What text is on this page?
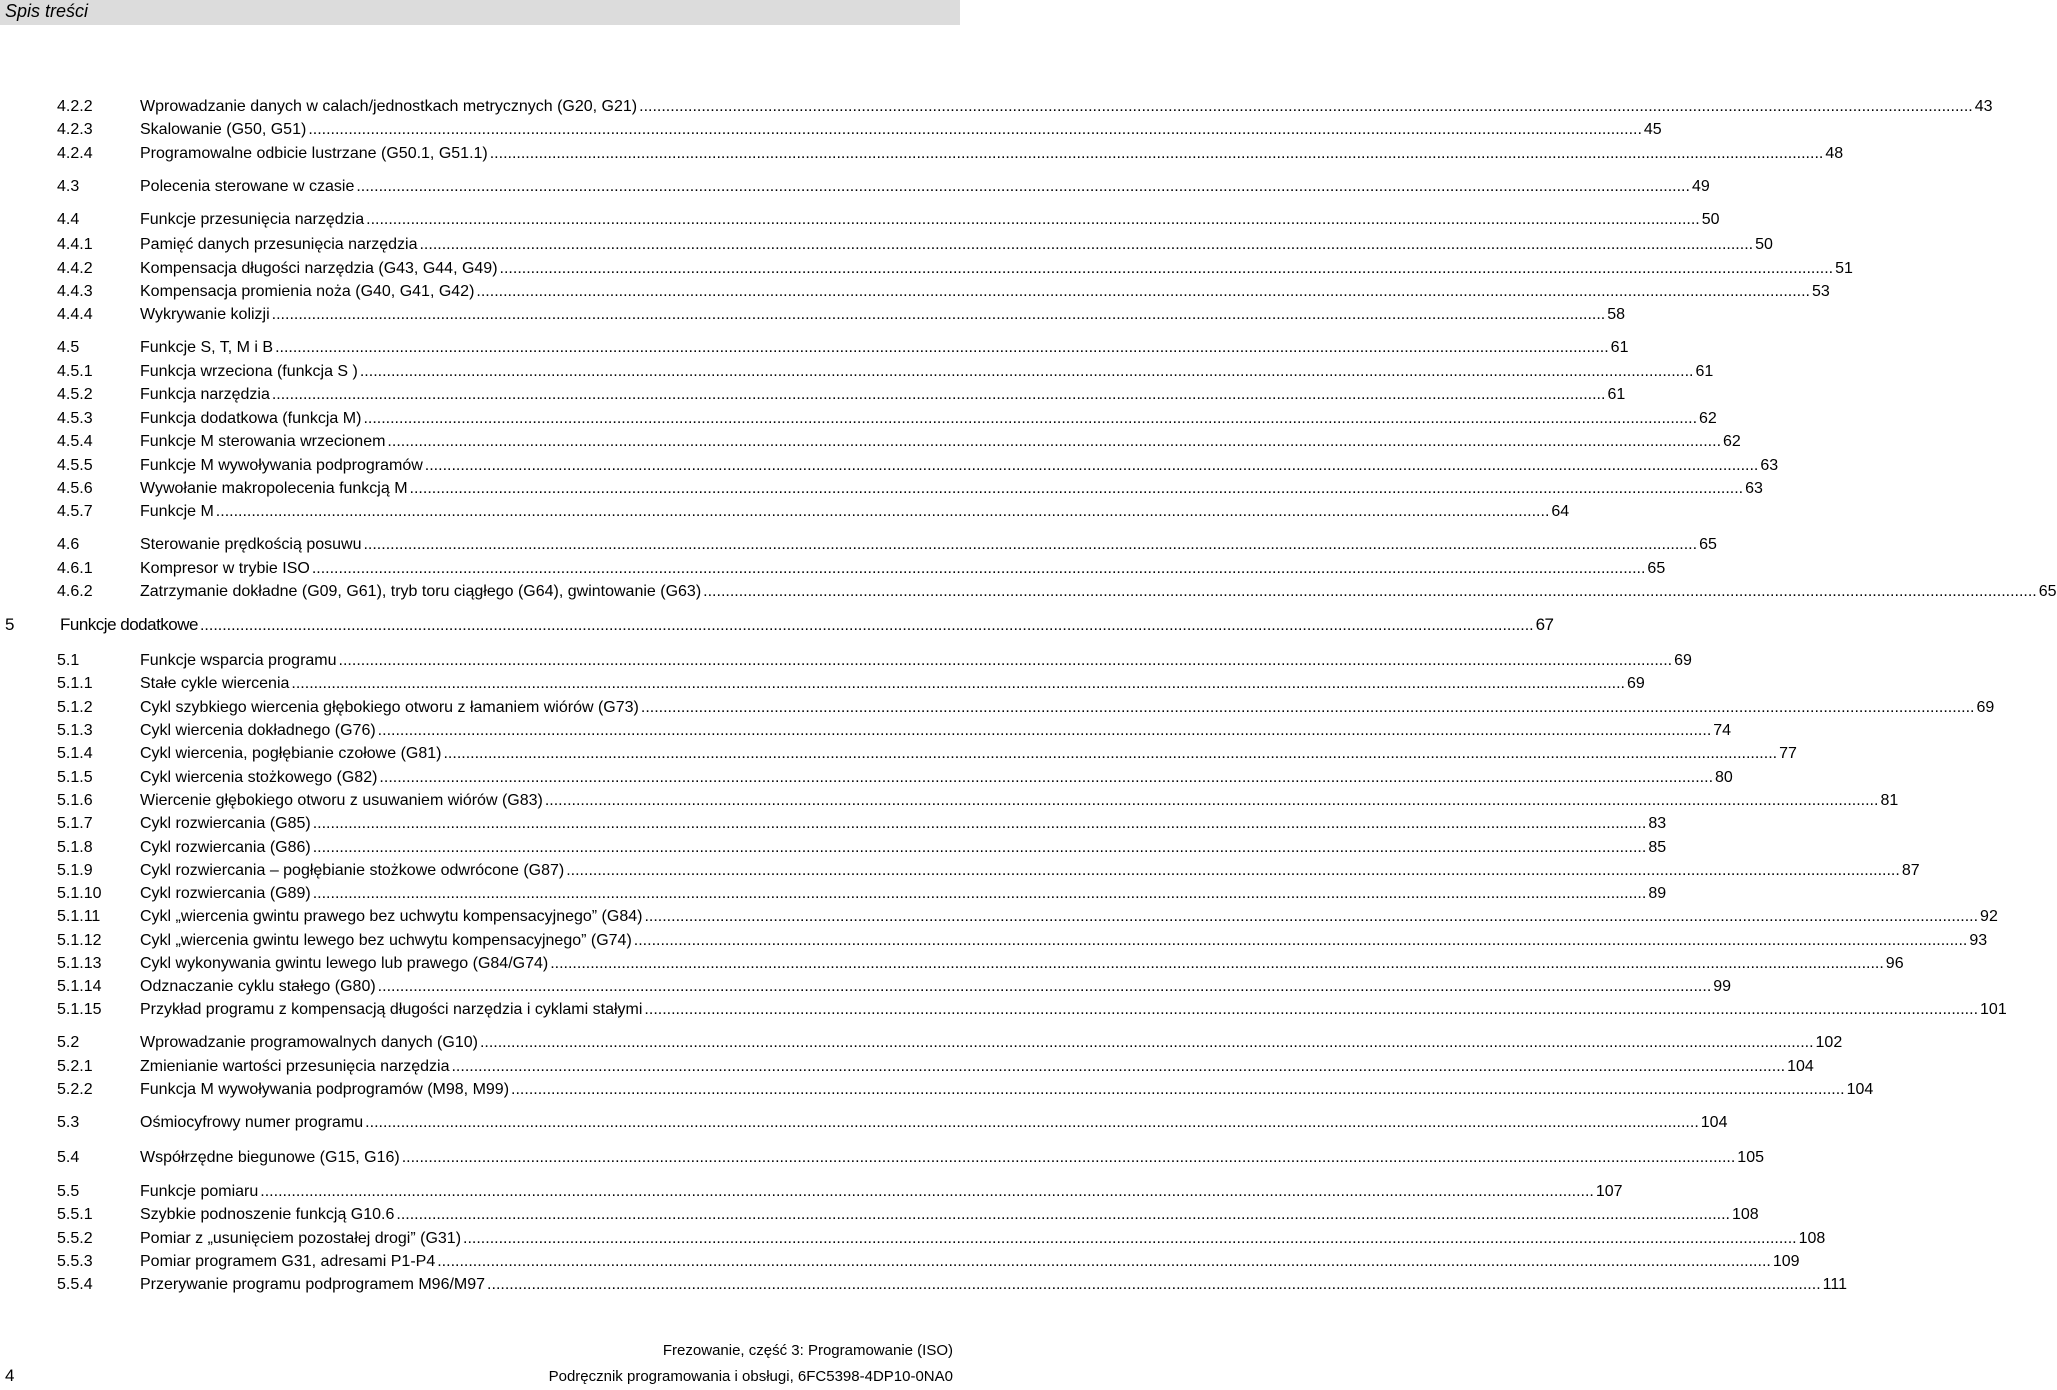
Spis treści
4.2.2	Wprowadzanie danych w calach/jednostkach metrycznych (G20, G21) ............................................................................................................................................................................................................................................................................................................ 43
4.2.3	Skalowanie (G50, G51) ............................................................................................................................................................................................................................................................................................................ 45
4.2.4	Programowalne odbicie lustrzane (G50.1, G51.1) ............................................................................................................................................................................................................................................................................................................ 48
4.3	Polecenia sterowane w czasie ............................................................................................................................................................................................................................................................................................................ 49
4.4	Funkcje przesunięcia narzędzia ............................................................................................................................................................................................................................................................................................................ 50
4.4.1	Pamięć danych przesunięcia narzędzia ............................................................................................................................................................................................................................................................................................................ 50
4.4.2	Kompensacja długości narzędzia (G43, G44, G49) ............................................................................................................................................................................................................................................................................................................ 51
4.4.3	Kompensacja promienia noża (G40, G41, G42) ............................................................................................................................................................................................................................................................................................................ 53
4.4.4	Wykrywanie kolizji ............................................................................................................................................................................................................................................................................................................ 58
4.5	Funkcje S, T, M i B ............................................................................................................................................................................................................................................................................................................ 61
4.5.1	Funkcja wrzeciona (funkcja S ) ............................................................................................................................................................................................................................................................................................................ 61
4.5.2	Funkcja narzędzia ............................................................................................................................................................................................................................................................................................................ 61
4.5.3	Funkcja dodatkowa (funkcja M) ............................................................................................................................................................................................................................................................................................................ 62
4.5.4	Funkcje M sterowania wrzecionem ............................................................................................................................................................................................................................................................................................................ 62
4.5.5	Funkcje M wywoływania podprogramów ............................................................................................................................................................................................................................................................................................................ 63
4.5.6	Wywołanie makropolecenia funkcją M ............................................................................................................................................................................................................................................................................................................ 63
4.5.7	Funkcje M ............................................................................................................................................................................................................................................................................................................ 64
4.6	Sterowanie prędkością posuwu ............................................................................................................................................................................................................................................................................................................ 65
4.6.1	Kompresor w trybie ISO ............................................................................................................................................................................................................................................................................................................ 65
4.6.2	Zatrzymanie dokładne (G09, G61), tryb toru ciągłego (G64), gwintowanie (G63) ............................................................................................................................................................................................................................................................................................................ 65
5	Funkcje dodatkowe ............................................................................................................................................................................................................................................................................................................ 67
5.1	Funkcje wsparcia programu ............................................................................................................................................................................................................................................................................................................ 69
5.1.1	Stałe cykle wiercenia ............................................................................................................................................................................................................................................................................................................ 69
5.1.2	Cykl szybkiego wiercenia głębokiego otworu z łamaniem wiórów (G73) ............................................................................................................................................................................................................................................................................................................ 69
5.1.3	Cykl wiercenia dokładnego (G76) ............................................................................................................................................................................................................................................................................................................ 74
5.1.4	Cykl wiercenia, pogłębianie czołowe (G81) ............................................................................................................................................................................................................................................................................................................ 77
5.1.5	Cykl wiercenia stożkowego (G82) ............................................................................................................................................................................................................................................................................................................ 80
5.1.6	Wiercenie głębokiego otworu z usuwaniem wiórów (G83) ............................................................................................................................................................................................................................................................................................................ 81
5.1.7	Cykl rozwiercania (G85) ............................................................................................................................................................................................................................................................................................................ 83
5.1.8	Cykl rozwiercania (G86) ............................................................................................................................................................................................................................................................................................................ 85
5.1.9	Cykl rozwiercania – pogłębianie stożkowe odwrócone (G87) ............................................................................................................................................................................................................................................................................................................ 87
5.1.10 Cykl rozwiercania (G89) ............................................................................................................................................................................................................................................................................................................ 89
5.1.11 Cykl „wiercenia gwintu prawego bez uchwytu kompensacyjnego” (G84) ............................................................................................................................................................................................................................................................................................................ 92
5.1.12 Cykl „wiercenia gwintu lewego bez uchwytu kompensacyjnego” (G74) ............................................................................................................................................................................................................................................................................................................ 93
5.1.13 Cykl wykonywania gwintu lewego lub prawego (G84/G74) ............................................................................................................................................................................................................................................................................................................ 96
5.1.14 Odznaczanie cyklu stałego (G80) ............................................................................................................................................................................................................................................................................................................ 99
5.1.15 Przykład programu z kompensacją długości narzędzia i cyklami stałymi ............................................................................................................................................................................................................................................................................................................ 101
5.2	Wprowadzanie programowalnych danych (G10) ............................................................................................................................................................................................................................................................................................................ 102
5.2.1	Zmienianie wartości przesunięcia narzędzia ............................................................................................................................................................................................................................................................................................................ 104
5.2.2	Funkcja M wywoływania podprogramów (M98, M99) ............................................................................................................................................................................................................................................................................................................ 104
5.3	Ośmiocyfrowy numer programu ............................................................................................................................................................................................................................................................................................................ 104
5.4	Współrzędne biegunowe (G15, G16) ............................................................................................................................................................................................................................................................................................................ 105
5.5	Funkcje pomiaru ............................................................................................................................................................................................................................................................................................................ 107
5.5.1	Szybkie podnoszenie funkcją G10.6 ............................................................................................................................................................................................................................................................................................................ 108
5.5.2	Pomiar z „usunięciem pozostałej drogi” (G31) ............................................................................................................................................................................................................................................................................................................ 108
5.5.3	Pomiar programem G31, adresami P1-P4 ............................................................................................................................................................................................................................................................................................................ 109
5.5.4	Przerywanie programu podprogramem M96/M97 ............................................................................................................................................................................................................................................................................................................ 111
Frezowanie, część 3: Programowanie (ISO)
Podręcznik programowania i obsługi, 6FC5398-4DP10-0NA0
4
